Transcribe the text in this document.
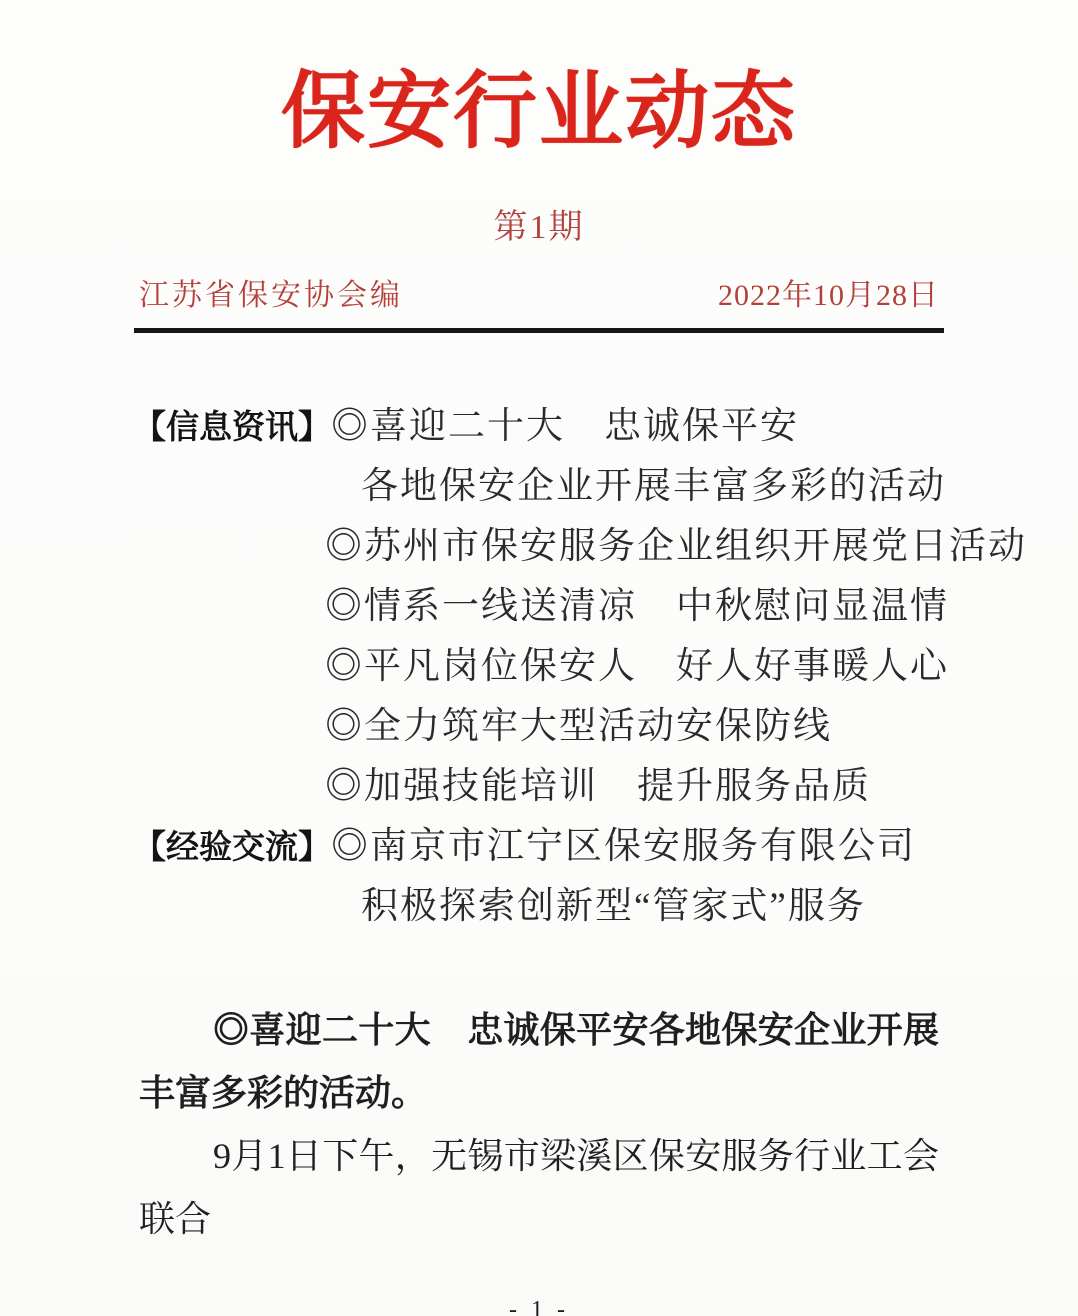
保安行业动态
第1期
江苏省保安协会编	2022年10月28日
【信息资讯】 ◎喜迎二十大　忠诚保平安
各地保安企业开展丰富多彩的活动
◎苏州市保安服务企业组织开展党日活动
◎情系一线送清凉　中秋慰问显温情
◎平凡岗位保安人　好人好事暖人心
◎全力筑牢大型活动安保防线
◎加强技能培训　提升服务品质
【经验交流】 ◎南京市江宁区保安服务有限公司
积极探索创新型“管家式”服务

◎喜迎二十大　忠诚保平安各地保安企业开展丰富多彩的活动。

9月1日下午，无锡市梁溪区保安服务行业工会联合

- 1 -
